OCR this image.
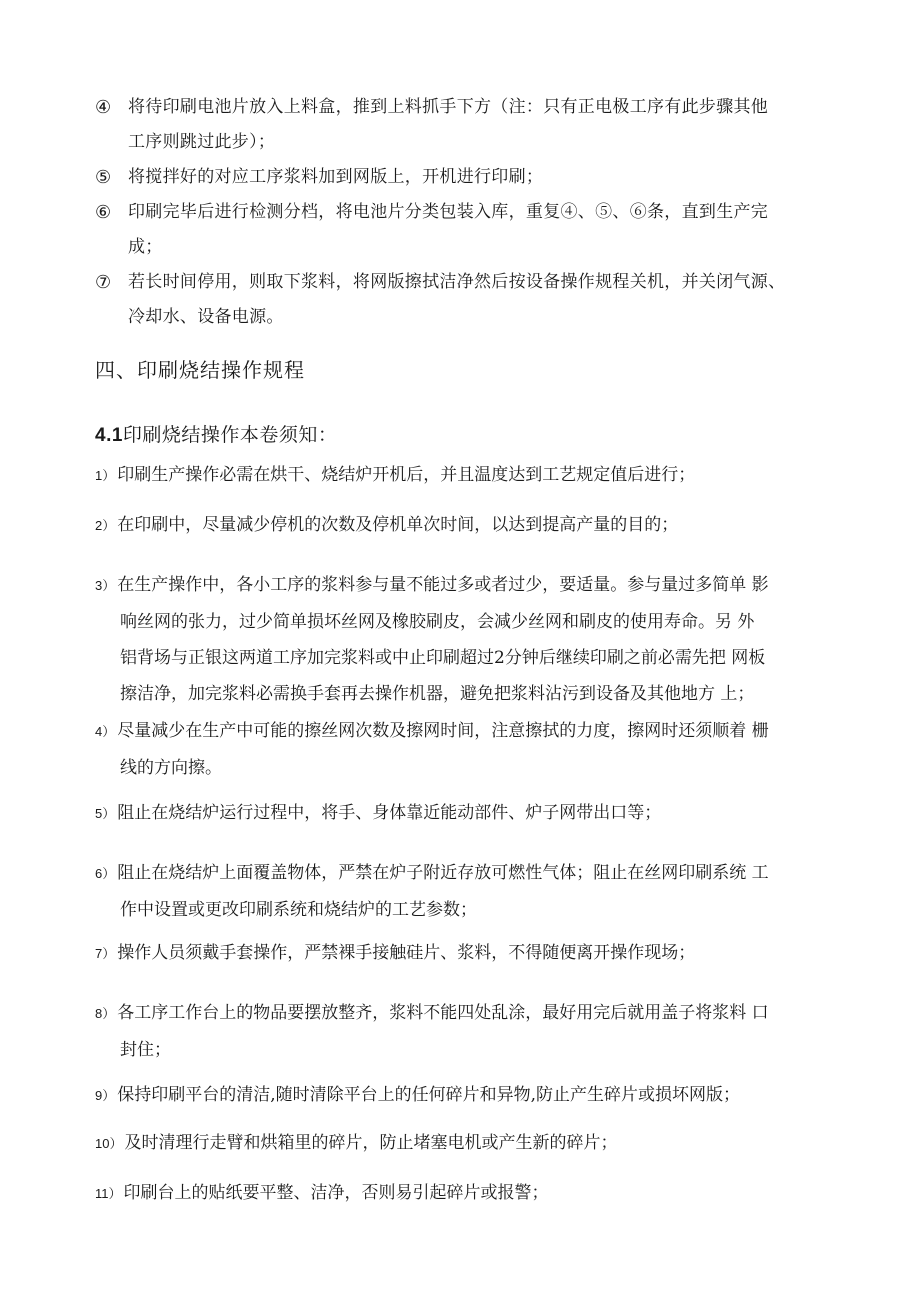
④ 将待印刷电池片放入上料盒，推到上料抓手下方（注：只有正电极工序有此步骤其他
工序则跳过此步）；
⑤ 将搅拌好的对应工序浆料加到网版上，开机进行印刷；
⑥ 印刷完毕后进行检测分档，将电池片分类包装入库，重复④、⑤、⑥条，直到生产完
成；
⑦ 若长时间停用，则取下浆料，将网版擦拭洁净然后按设备操作规程关机，并关闭气源、
冷却水、设备电源。
四、印刷烧结操作规程
4.1印刷烧结操作本卷须知：
1） 印刷生产操作必需在烘干、烧结炉开机后，并且温度达到工艺规定值后进行；
2） 在印刷中，尽量减少停机的次数及停机单次时间，以达到提高产量的目的；
3） 在生产操作中，各小工序的浆料参与量不能过多或者过少，要适量。参与量过多简单 影
响丝网的张力，过少简单损坏丝网及橡胶刷皮，会减少丝网和刷皮的使用寿命。另 外
铝背场与正银这两道工序加完浆料或中止印刷超过2分钟后继续印刷之前必需先把 网板
擦洁净，加完浆料必需换手套再去操作机器，避免把浆料沾污到设备及其他地方 上；
4） 尽量减少在生产中可能的擦丝网次数及擦网时间，注意擦拭的力度，擦网时还须顺着 栅
线的方向擦。
5） 阻止在烧结炉运行过程中，将手、身体靠近能动部件、炉子网带出口等；
6） 阻止在烧结炉上面覆盖物体，严禁在炉子附近存放可燃性气体；阻止在丝网印刷系统 工
作中设置或更改印刷系统和烧结炉的工艺参数；
7） 操作人员须戴手套操作，严禁裸手接触硅片、浆料，不得随便离开操作现场；
8） 各工序工作台上的物品要摆放整齐，浆料不能四处乱涂，最好用完后就用盖子将浆料 口
封住；
9） 保持印刷平台的清洁,随时清除平台上的任何碎片和异物,防止产生碎片或损坏网版；
10） 及时清理行走臂和烘箱里的碎片，防止堵塞电机或产生新的碎片；
11） 印刷台上的贴纸要平整、洁净，否则易引起碎片或报警；
